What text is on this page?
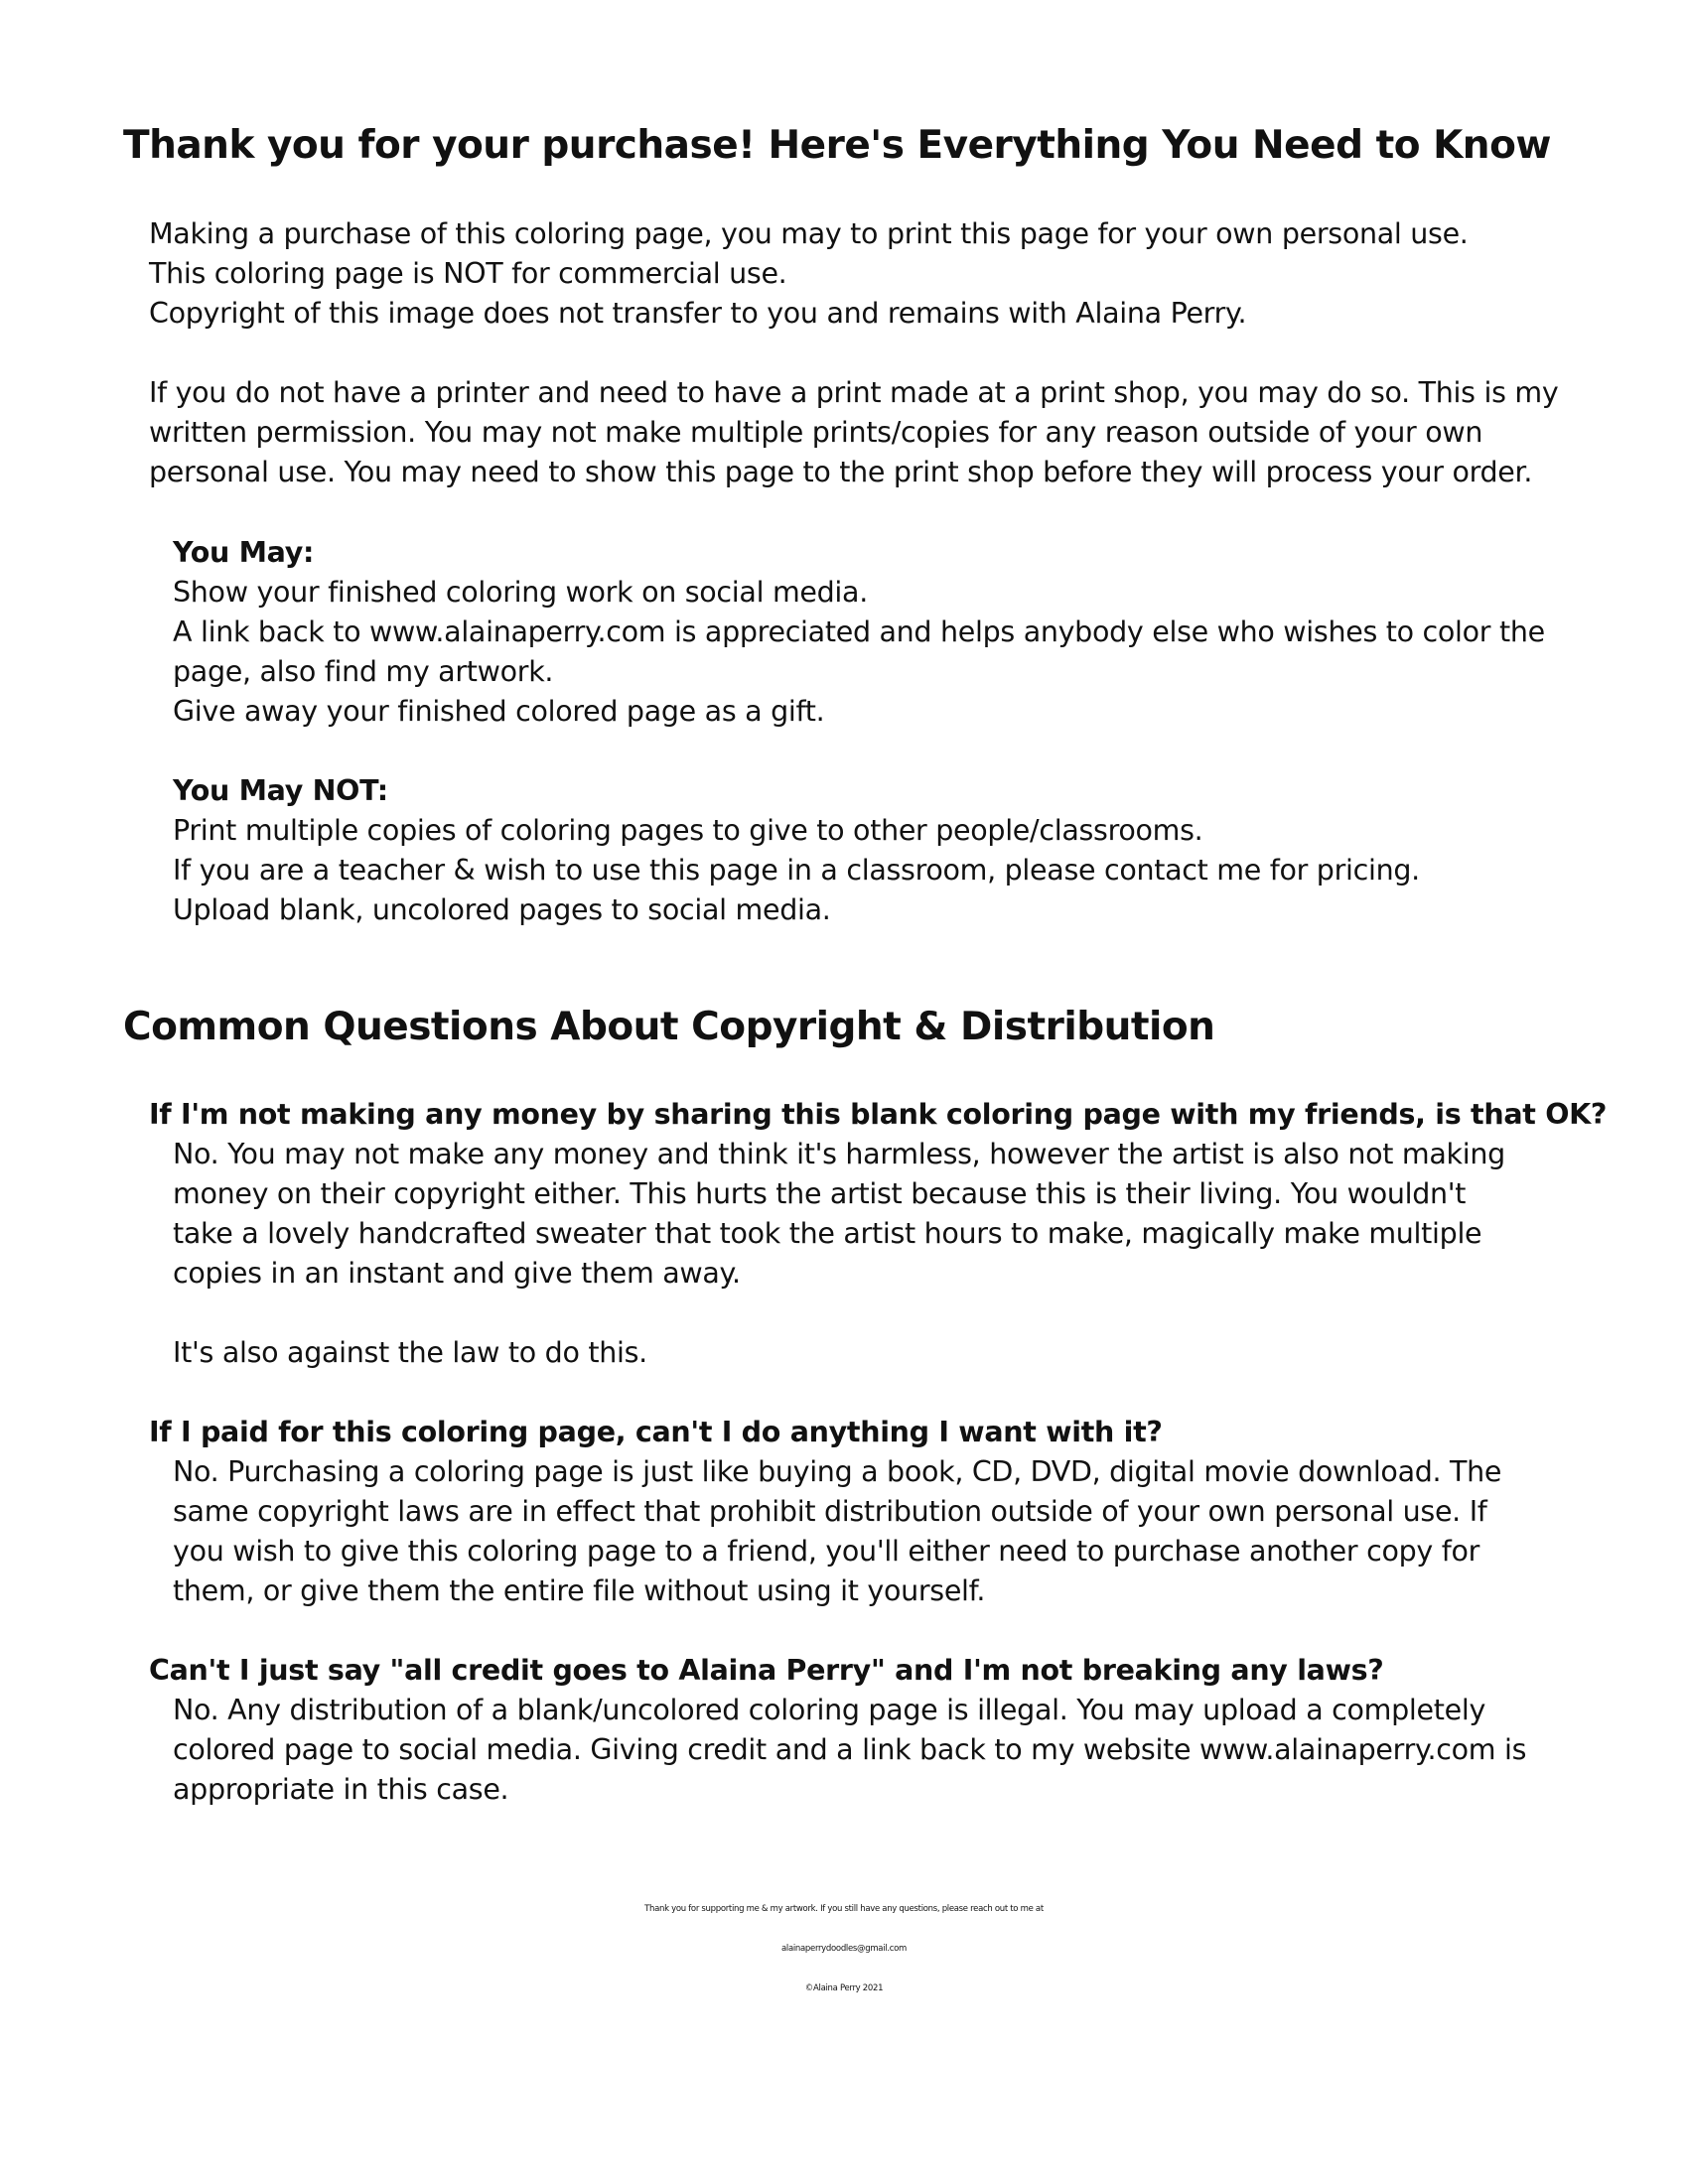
Thank you for your purchase! Here's Everything You Need to Know
Making a purchase of this coloring page, you may to print this page for your own personal use.
This coloring page is NOT for commercial use.
Copyright of this image does not transfer to you and remains with Alaina Perry.
If you do not have a printer and need to have a print made at a print shop, you may do so. This is my
written permission. You may not make multiple prints/copies for any reason outside of your own
personal use. You may need to show this page to the print shop before they will process your order.
You May:
Show your finished coloring work on social media.
A link back to www.alainaperry.com is appreciated and helps anybody else who wishes to color the
page, also find my artwork.
Give away your finished colored page as a gift.
You May NOT:
Print multiple copies of coloring pages to give to other people/classrooms.
If you are a teacher & wish to use this page in a classroom, please contact me for pricing.
Upload blank, uncolored pages to social media.
Common Questions About Copyright & Distribution
If I'm not making any money by sharing this blank coloring page with my friends, is that OK?
No. You may not make any money and think it's harmless, however the artist is also not making
money on their copyright either. This hurts the artist because this is their living. You wouldn't
take a lovely handcrafted sweater that took the artist hours to make, magically make multiple
copies in an instant and give them away.
It's also against the law to do this.
If I paid for this coloring page, can't I do anything I want with it?
No. Purchasing a coloring page is just like buying a book, CD, DVD, digital movie download. The
same copyright laws are in effect that prohibit distribution outside of your own personal use. If
you wish to give this coloring page to a friend, you'll either need to purchase another copy for
them, or give them the entire file without using it yourself.
Can't I just say "all credit goes to Alaina Perry" and I'm not breaking any laws?
No. Any distribution of a blank/uncolored coloring page is illegal. You may upload a completely
colored page to social media. Giving credit and a link back to my website www.alainaperry.com is
appropriate in this case.
Thank you for supporting me & my artwork. If you still have any questions, please reach out to me at
alainaperrydoodles@gmail.com
©Alaina Perry 2021
